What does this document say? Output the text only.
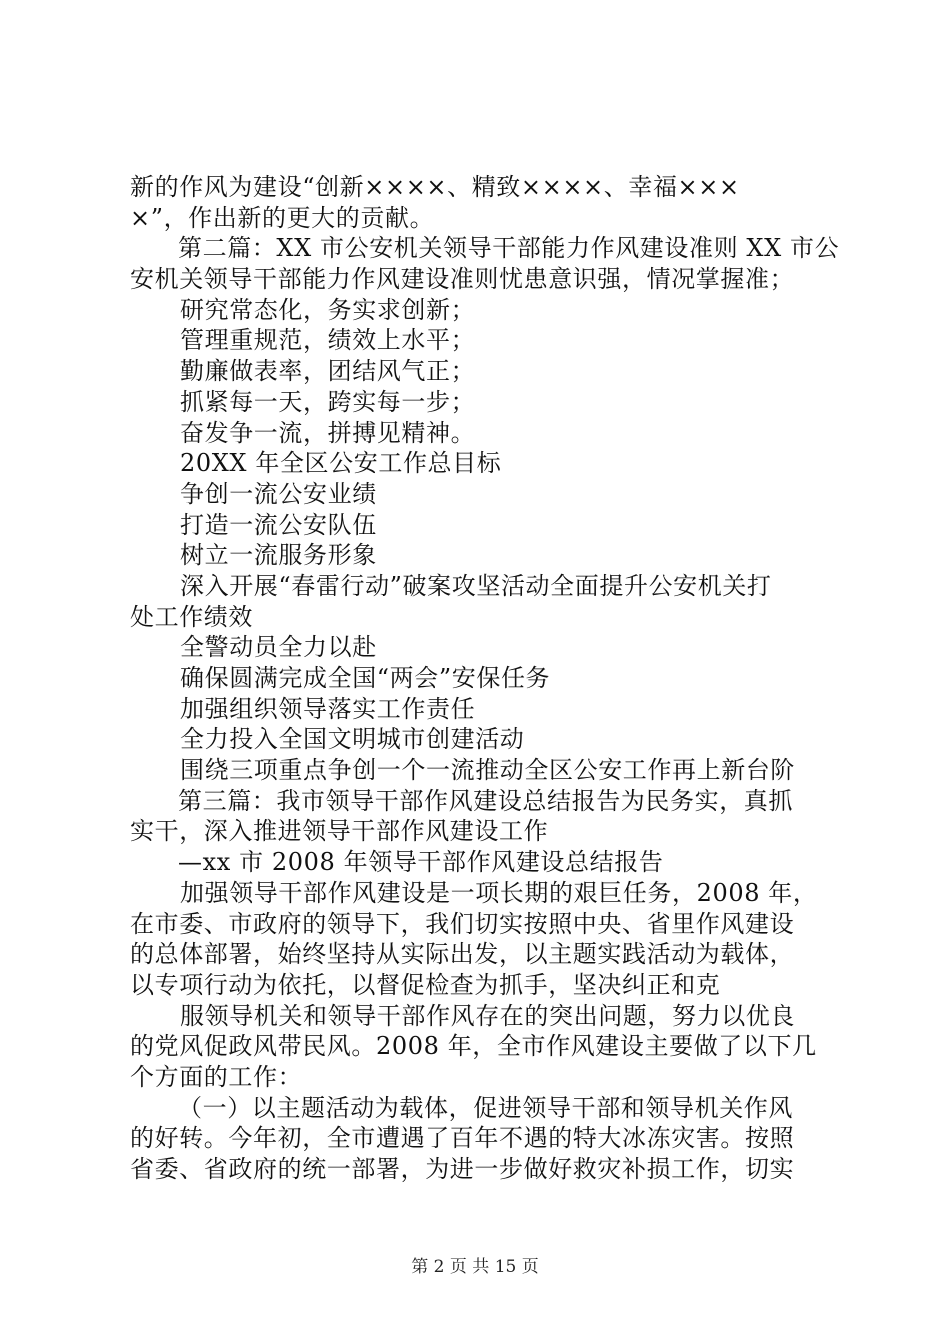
新的作风为建设“创新××××、精致××××、幸福×××
×”，作出新的更大的贡献。
第二篇：XX 市公安机关领导干部能力作风建设准则 XX 市公
安机关领导干部能力作风建设准则忧患意识强，情况掌握准；
研究常态化，务实求创新；
管理重规范，绩效上水平；
勤廉做表率，团结风气正；
抓紧每一天，跨实每一步；
奋发争一流，拼搏见精神。
20XX 年全区公安工作总目标
争创一流公安业绩
打造一流公安队伍
树立一流服务形象
深入开展“春雷行动”破案攻坚活动全面提升公安机关打
处工作绩效
全警动员全力以赴
确保圆满完成全国“两会”安保任务
加强组织领导落实工作责任
全力投入全国文明城市创建活动
围绕三项重点争创一个一流推动全区公安工作再上新台阶
第三篇：我市领导干部作风建设总结报告为民务实，真抓
实干，深入推进领导干部作风建设工作
—xx 市 2008 年领导干部作风建设总结报告
加强领导干部作风建设是一项长期的艰巨任务，2008 年，
在市委、市政府的领导下，我们切实按照中央、省里作风建设
的总体部署，始终坚持从实际出发，以主题实践活动为载体，
以专项行动为依托，以督促检查为抓手，坚决纠正和克
服领导机关和领导干部作风存在的突出问题，努力以优良
的党风促政风带民风。2008 年，全市作风建设主要做了以下几
个方面的工作：
（一）以主题活动为载体，促进领导干部和领导机关作风
的好转。今年初，全市遭遇了百年不遇的特大冰冻灾害。按照
省委、省政府的统一部署，为进一步做好救灾补损工作，切实
第 2 页 共 15 页
